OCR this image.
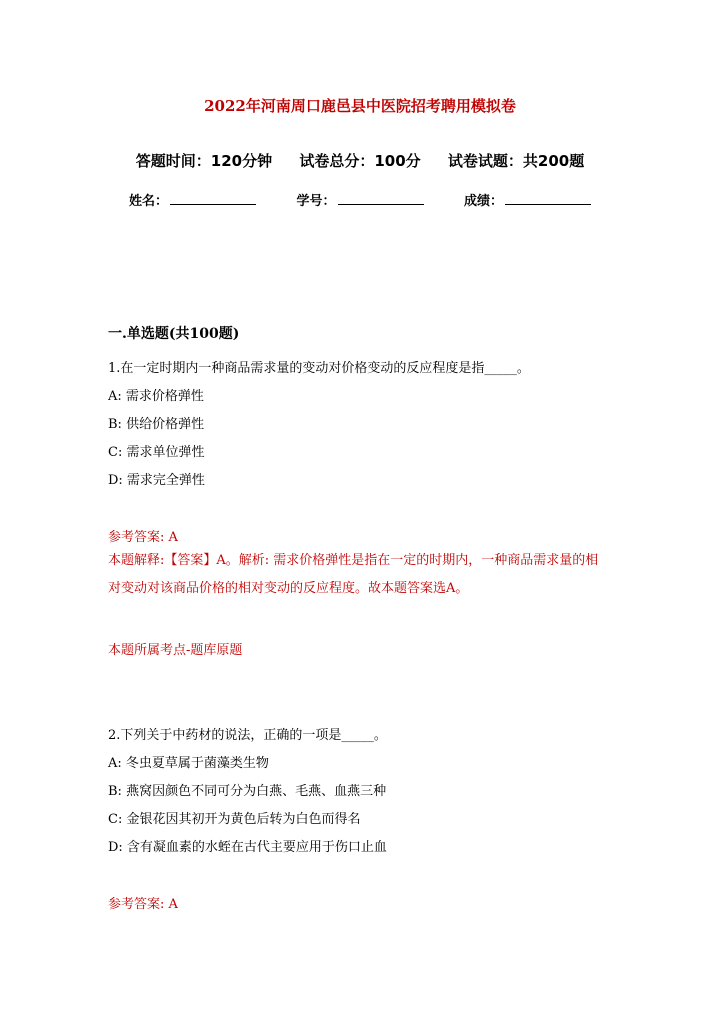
2022年河南周口鹿邑县中医院招考聘用模拟卷
答题时间：120分钟 试卷总分：100分 试卷试题：共200题
姓名：	学号：	成绩：
一.单选题(共100题)
1.在一定时期内一种商品需求量的变动对价格变动的反应程度是指_____。
A: 需求价格弹性
B: 供给价格弹性
C: 需求单位弹性
D: 需求完全弹性
参考答案: A
本题解释:【答案】A。解析: 需求价格弹性是指在一定的时期内，一种商品需求量的相对变动对该商品价格的相对变动的反应程度。故本题答案选A。
本题所属考点-题库原题
2.下列关于中药材的说法，正确的一项是_____。
A: 冬虫夏草属于菌藻类生物
B: 燕窝因颜色不同可分为白燕、毛燕、血燕三种
C: 金银花因其初开为黄色后转为白色而得名
D: 含有凝血素的水蛭在古代主要应用于伤口止血
参考答案: A
